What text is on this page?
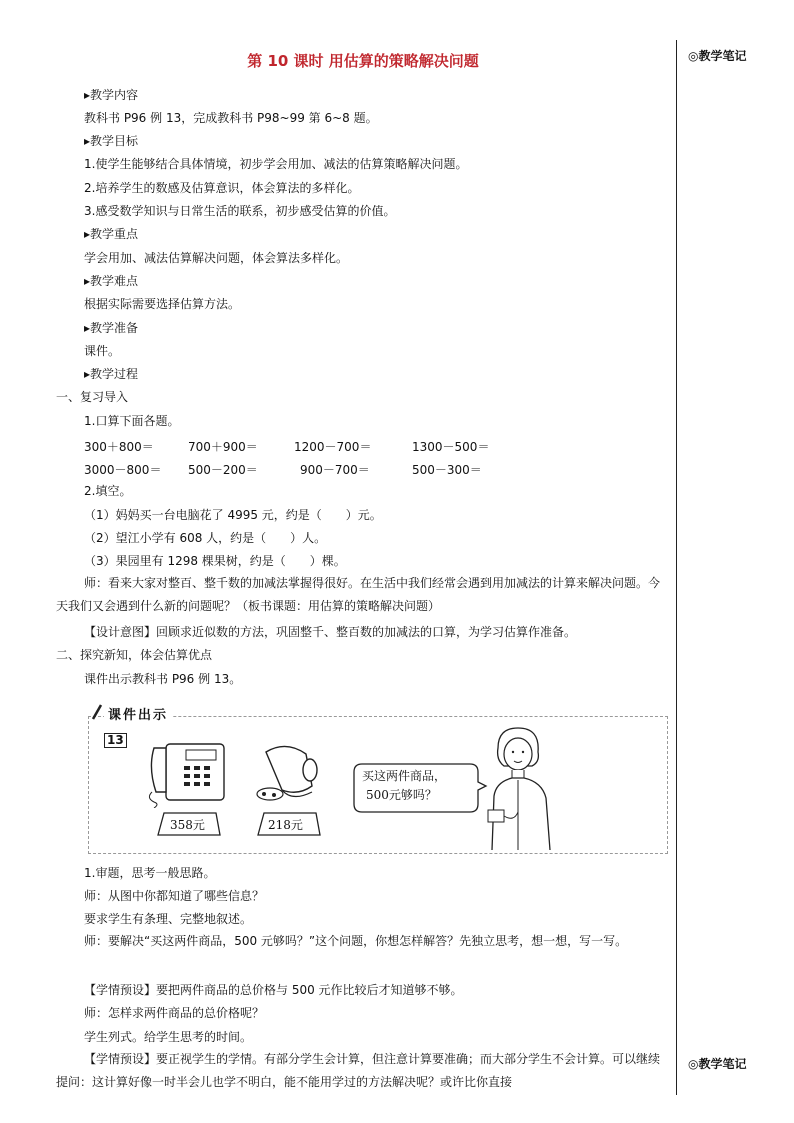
◎教学笔记
◎教学笔记
第 10 课时 用估算的策略解决问题
▸教学内容
教科书 P96 例 13，完成教科书 P98~99 第 6~8 题。
▸教学目标
1.使学生能够结合具体情境，初步学会用加、减法的估算策略解决问题。
2.培养学生的数感及估算意识，体会算法的多样化。
3.感受数学知识与日常生活的联系，初步感受估算的价值。
▸教学重点
学会用加、减法估算解决问题，体会算法多样化。
▸教学难点
根据实际需要选择估算方法。
▸教学准备
课件。
▸教学过程
一、复习导入
1.口算下面各题。
300＋800＝	700＋900＝	1200－700＝	1300－500＝
3000－800＝ 500－200＝	900－700＝	500－300＝
2.填空。
（1）妈妈买一台电脑花了 4995 元，约是（　　）元。
（2）望江小学有 608 人，约是（　　）人。
（3）果园里有 1298 棵果树，约是（　　）棵。
师：看来大家对整百、整千数的加减法掌握得很好。在生活中我们经常会遇到用加减法的计算来解决问题。今天我们又会遇到什么新的问题呢？（板书课题：用估算的策略解决问题）
【设计意图】回顾求近似数的方法，巩固整千、整百数的加减法的口算，为学习估算作准备。
二、探究新知，体会估算优点
课件出示教科书 P96 例 13。
课件出示
13
358元	218元
买这两件商品，
500元够吗？
1.审题，思考一般思路。
师：从图中你都知道了哪些信息？
要求学生有条理、完整地叙述。
师：要解决“买这两件商品，500 元够吗？”这个问题，你想怎样解答？先独立思考，想一想，写一写。
【学情预设】要把两件商品的总价格与 500 元作比较后才知道够不够。
师：怎样求两件商品的总价格呢？
学生列式。给学生思考的时间。
【学情预设】要正视学生的学情。有部分学生会计算，但注意计算要准确；而大部分学生不会计算。可以继续提问：这计算好像一时半会儿也学不明白，能不能用学过的方法解决呢？或许比你直接
